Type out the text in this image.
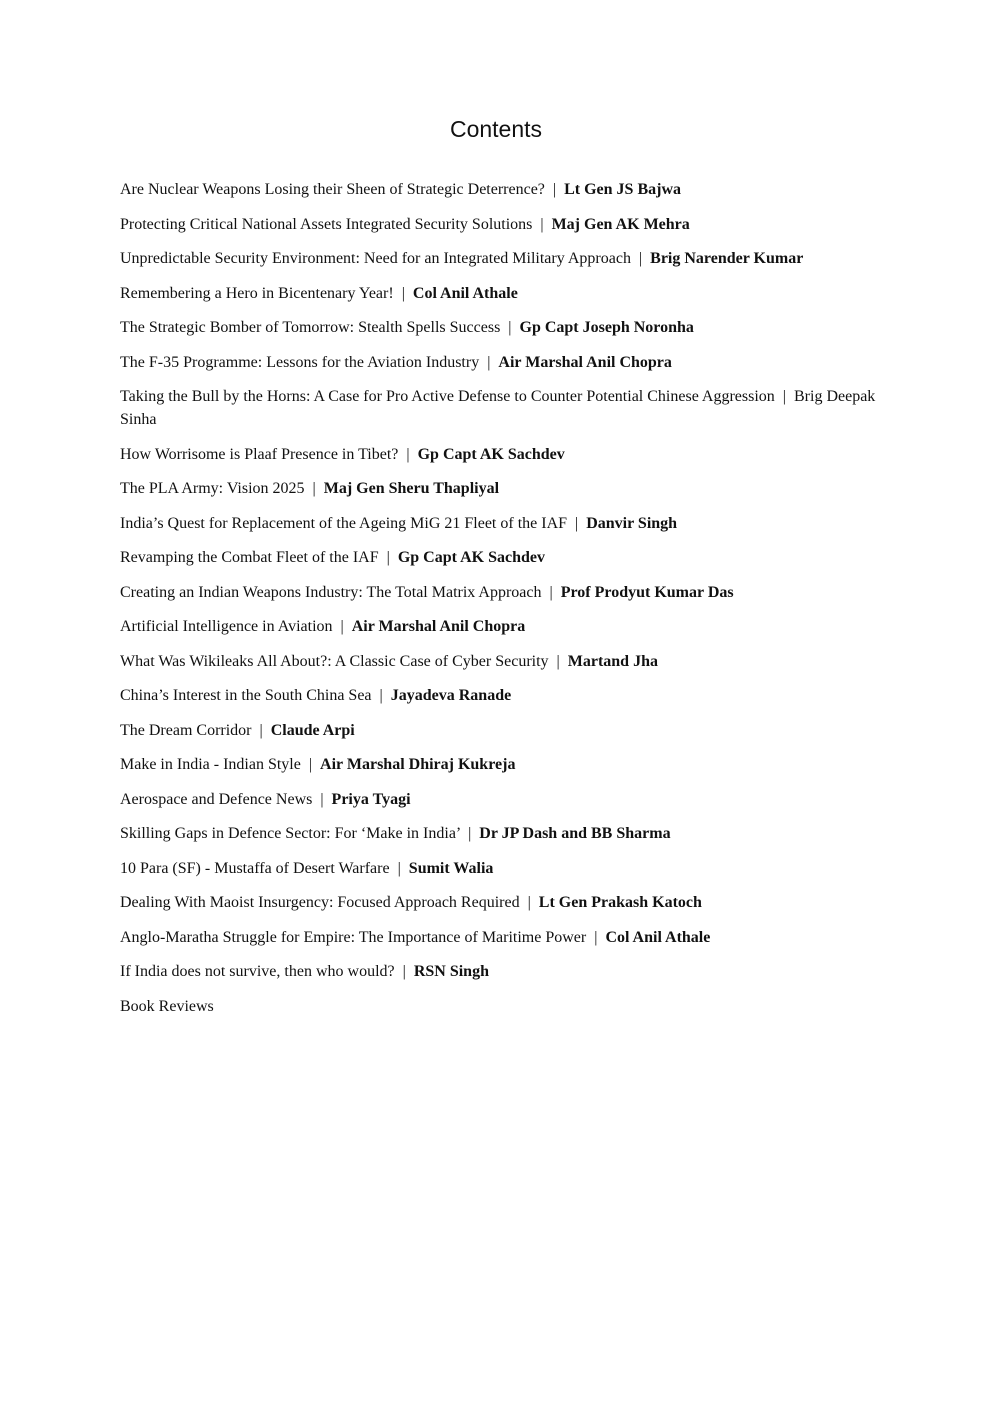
Contents
Are Nuclear Weapons Losing their Sheen of Strategic Deterrence? | Lt Gen JS Bajwa
Protecting Critical National Assets Integrated Security Solutions | Maj Gen AK Mehra
Unpredictable Security Environment: Need for an Integrated Military Approach | Brig Narender Kumar
Remembering a Hero in Bicentenary Year! | Col Anil Athale
The Strategic Bomber of Tomorrow: Stealth Spells Success | Gp Capt Joseph Noronha
The F-35 Programme: Lessons for the Aviation Industry | Air Marshal Anil Chopra
Taking the Bull by the Horns: A Case for Pro Active Defense to Counter Potential Chinese Aggression | Brig Deepak Sinha
How Worrisome is Plaaf Presence in Tibet? | Gp Capt AK Sachdev
The PLA Army: Vision 2025 | Maj Gen Sheru Thapliyal
India’s Quest for Replacement of the Ageing MiG 21 Fleet of the IAF | Danvir Singh
Revamping the Combat Fleet of the IAF | Gp Capt AK Sachdev
Creating an Indian Weapons Industry: The Total Matrix Approach | Prof Prodyut Kumar Das
Artificial Intelligence in Aviation | Air Marshal Anil Chopra
What Was Wikileaks All About?: A Classic Case of Cyber Security | Martand Jha
China’s Interest in the South China Sea | Jayadeva Ranade
The Dream Corridor | Claude Arpi
Make in India - Indian Style | Air Marshal Dhiraj Kukreja
Aerospace and Defence News | Priya Tyagi
Skilling Gaps in Defence Sector: For ‘Make in India’ | Dr JP Dash and BB Sharma
10 Para (SF) - Mustaffa of Desert Warfare | Sumit Walia
Dealing With Maoist Insurgency: Focused Approach Required | Lt Gen Prakash Katoch
Anglo-Maratha Struggle for Empire: The Importance of Maritime Power | Col Anil Athale
If India does not survive, then who would? | RSN Singh
Book Reviews
